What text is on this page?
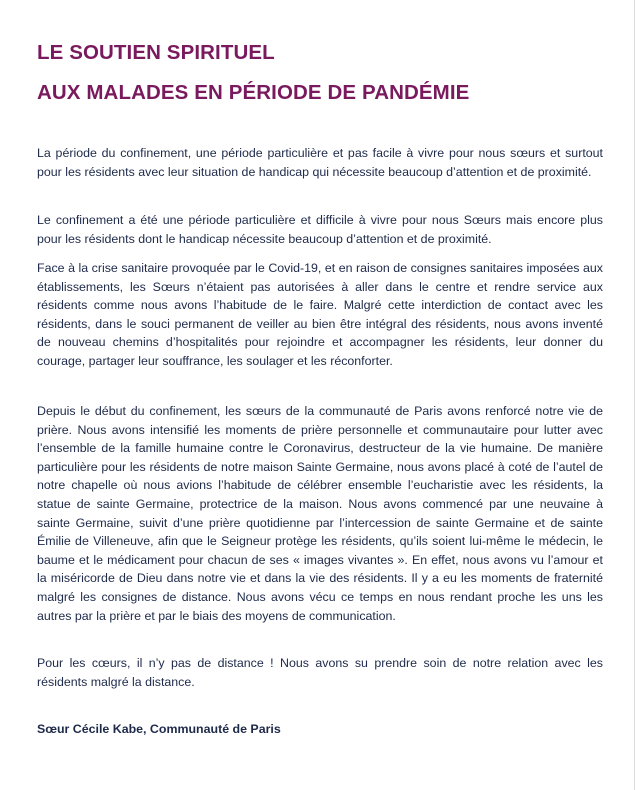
LE SOUTIEN SPIRITUEL
AUX MALADES EN PÉRIODE DE PANDÉMIE

La période du confinement, une période particulière et pas facile à vivre pour nous sœurs et surtout pour les résidents avec leur situation de handicap qui nécessite beaucoup d’attention et de proximité.

Le confinement a été une période particulière et difficile à vivre pour nous Sœurs mais encore plus pour les résidents dont le handicap nécessite beaucoup d’attention et de proximité.

Face à la crise sanitaire provoquée par le Covid-19, et en raison de consignes sanitaires imposées aux établissements, les Sœurs n’étaient pas autorisées à aller dans le centre et rendre service aux résidents comme nous avons l’habitude de le faire. Malgré cette interdiction de contact avec les résidents, dans le souci permanent de veiller au bien être intégral des résidents, nous avons inventé de nouveau chemins d’hospitalités pour rejoindre et accompagner les résidents, leur donner du courage, partager leur souffrance, les soulager et les réconforter.

Depuis le début du confinement, les sœurs de la communauté de Paris avons renforcé notre vie de prière. Nous avons intensifié les moments de prière personnelle et communautaire pour lutter avec l’ensemble de la famille humaine contre le Coronavirus, destructeur de la vie humaine. De manière particulière pour les résidents de notre maison Sainte Germaine, nous avons placé à coté de l’autel de notre chapelle où nous avions l’habitude de célébrer ensemble l’eucharistie avec les résidents, la statue de sainte Germaine, protectrice de la maison. Nous avons commencé par une neuvaine à sainte Germaine, suivit d’une prière quotidienne par l’intercession de sainte Germaine et de sainte Émilie de Villeneuve, afin que le Seigneur protège les résidents, qu’ils soient lui-même le médecin, le baume et le médicament pour chacun de ses « images vivantes ». En effet, nous avons vu l’amour et la miséricorde de Dieu dans notre vie et dans la vie des résidents. Il y a eu les moments de fraternité malgré les consignes de distance. Nous avons vécu ce temps en nous rendant proche les uns les autres par la prière et par le biais des moyens de communication.

Pour les cœurs, il n’y pas de distance ! Nous avons su prendre soin de notre relation avec les résidents malgré la distance.

Sœur Cécile Kabe, Communauté de Paris
